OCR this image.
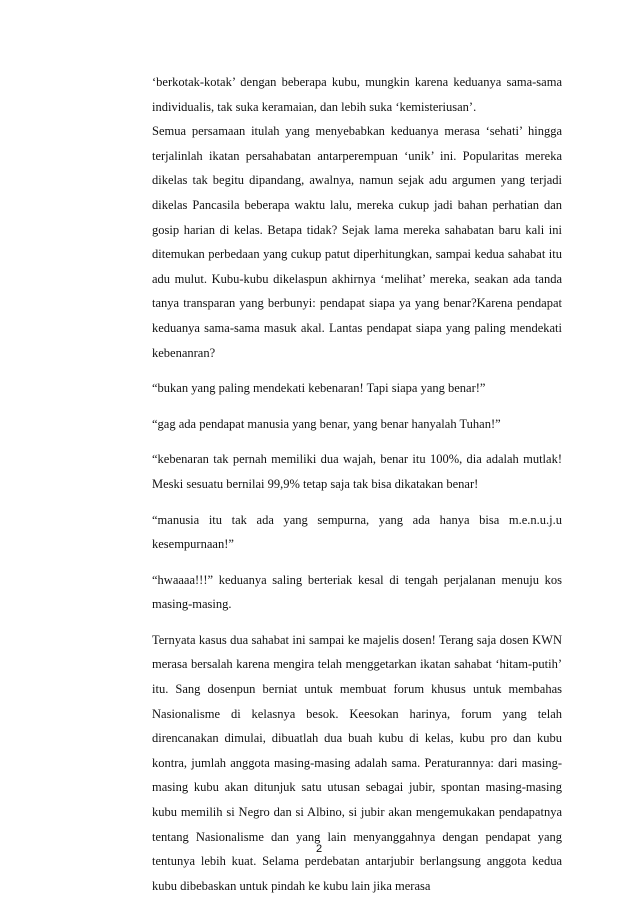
‘berkotak-kotak’ dengan beberapa kubu, mungkin karena keduanya sama-sama individualis, tak suka keramaian, dan lebih suka ‘kemisteriusan’.

Semua persamaan itulah yang menyebabkan keduanya merasa ‘sehati’ hingga terjalinlah ikatan persahabatan antarperempuan ‘unik’ ini. Popularitas mereka dikelas tak begitu dipandang, awalnya, namun sejak adu argumen yang terjadi dikelas Pancasila beberapa waktu lalu, mereka cukup jadi bahan perhatian dan gosip harian di kelas. Betapa tidak? Sejak lama mereka sahabatan baru kali ini ditemukan perbedaan yang cukup patut diperhitungkan, sampai kedua sahabat itu adu mulut. Kubu-kubu dikelaspun akhirnya ‘melihat’ mereka, seakan ada tanda tanya transparan yang berbunyi: pendapat siapa ya yang benar?Karena pendapat keduanya sama-sama masuk akal. Lantas pendapat siapa yang paling mendekati kebenanran?

“bukan yang paling mendekati kebenaran! Tapi siapa yang benar!”

“gag ada pendapat manusia yang benar, yang benar hanyalah Tuhan!”

“kebenaran tak pernah memiliki dua wajah, benar itu 100%, dia adalah mutlak! Meski sesuatu bernilai 99,9% tetap saja tak bisa dikatakan benar!

“manusia itu tak ada yang sempurna, yang ada hanya bisa m.e.n.u.j.u kesempurnaan!”

“hwaaaa!!!” keduanya saling berteriak kesal di tengah perjalanan menuju kos masing-masing.

Ternyata kasus dua sahabat ini sampai ke majelis dosen! Terang saja dosen KWN merasa bersalah karena mengira telah menggetarkan ikatan sahabat ‘hitam-putih’ itu. Sang dosenpun berniat untuk membuat forum khusus untuk membahas Nasionalisme di kelasnya besok. Keesokan harinya, forum yang telah direncanakan dimulai, dibuatlah dua buah kubu di kelas, kubu pro dan kubu kontra, jumlah anggota masing-masing adalah sama. Peraturannya: dari masing-masing kubu akan ditunjuk satu utusan sebagai jubir, spontan masing-masing kubu memilih si Negro dan si Albino, si jubir akan mengemukakan pendapatnya tentang Nasionalisme dan yang lain menyanggahnya dengan pendapat yang tentunya lebih kuat. Selama perdebatan antarjubir berlangsung anggota kedua kubu dibebaskan untuk pindah ke kubu lain jika merasa

2
